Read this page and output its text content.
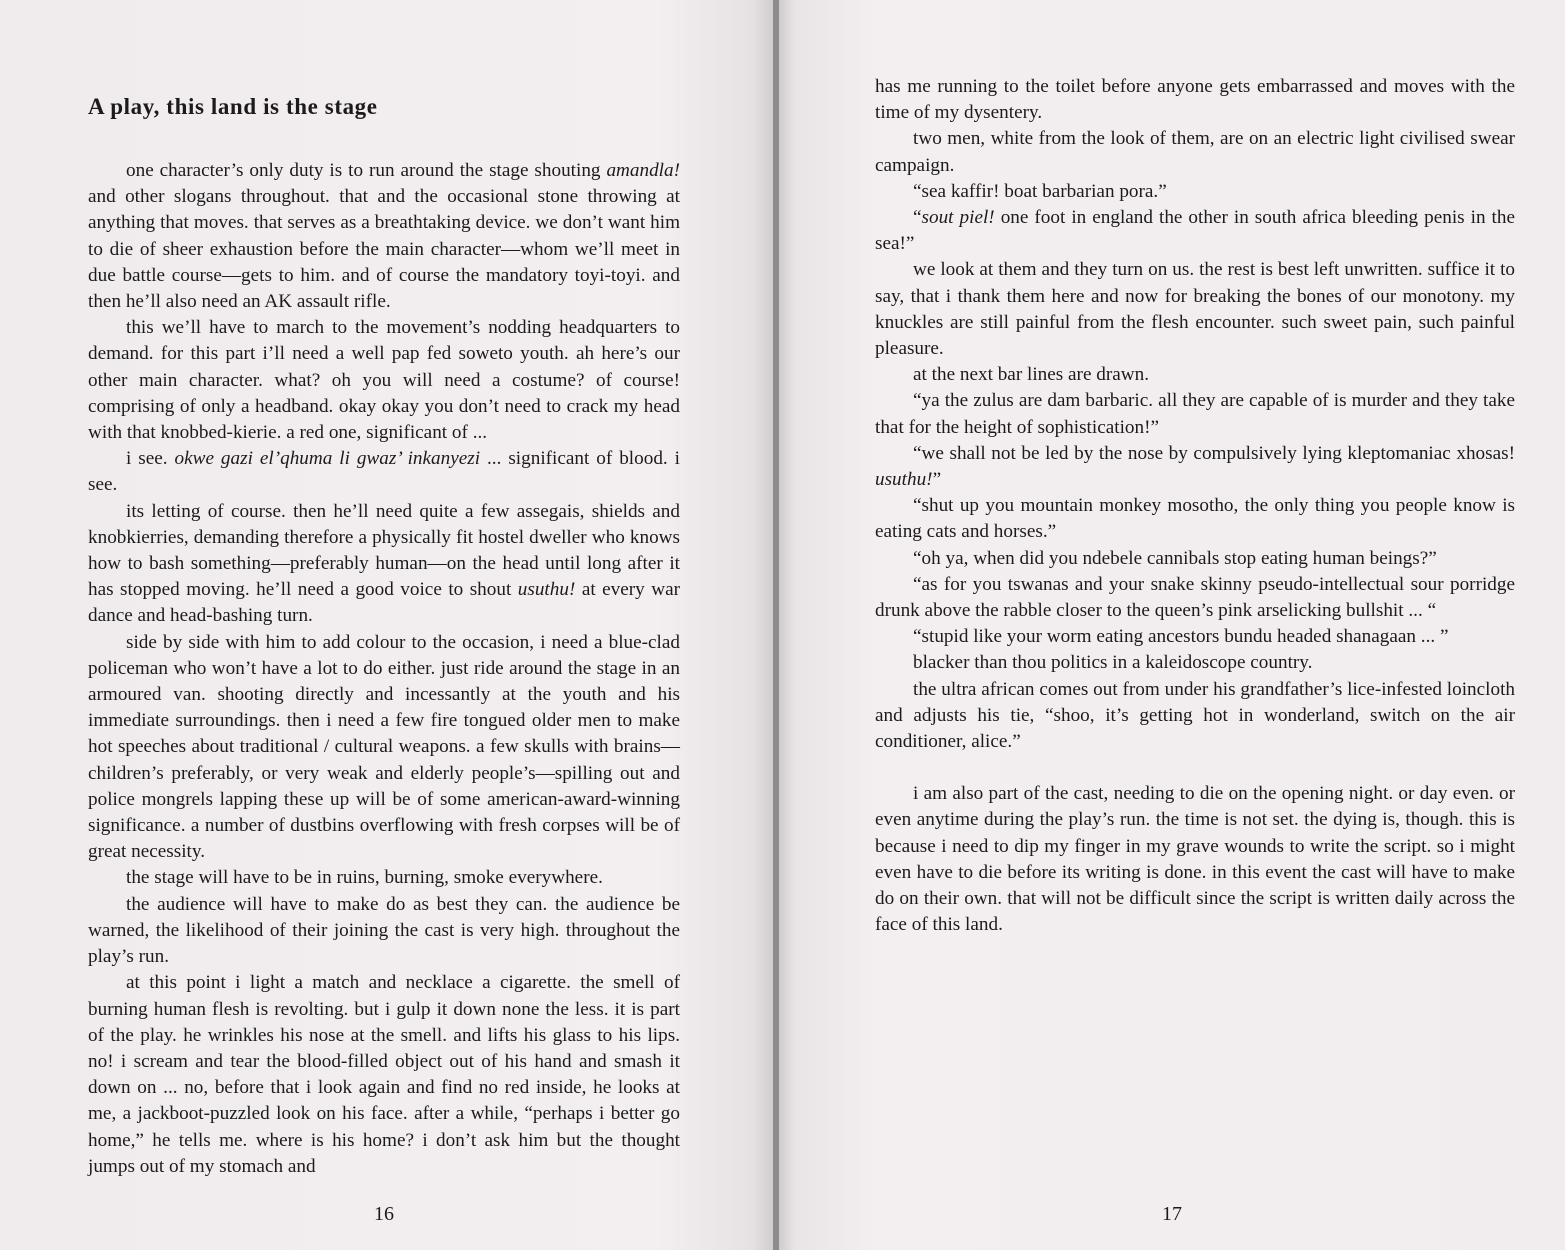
A play, this land is the stage

one character’s only duty is to run around the stage shouting amandla! and other slogans throughout. that and the occasional stone throwing at anything that moves. that serves as a breathtaking device. we don’t want him to die of sheer exhaustion before the main character—whom we’ll meet in due battle course—gets to him. and of course the mandatory toyi-toyi. and then he’ll also need an AK assault rifle.

this we’ll have to march to the movement’s nodding headquarters to demand. for this part i’ll need a well pap fed soweto youth. ah here’s our other main character. what? oh you will need a costume? of course! comprising of only a headband. okay okay you don’t need to crack my head with that knobbed-kierie. a red one, significant of ...

i see. okwe gazi el’qhuma li gwaz’ inkanyezi ... significant of blood. i see.

its letting of course. then he’ll need quite a few assegais, shields and knobkierries, demanding therefore a physically fit hostel dweller who knows how to bash something—preferably human—on the head until long after it has stopped moving. he’ll need a good voice to shout usuthu! at every war dance and head-bashing turn.

side by side with him to add colour to the occasion, i need a blue-clad policeman who won’t have a lot to do either. just ride around the stage in an armoured van. shooting directly and incessantly at the youth and his immediate surroundings. then i need a few fire tongued older men to make hot speeches about traditional / cultural weapons. a few skulls with brains—children’s preferably, or very weak and elderly people’s—spilling out and police mongrels lapping these up will be of some american-award-winning significance. a number of dustbins overflowing with fresh corpses will be of great necessity.

the stage will have to be in ruins, burning, smoke everywhere.

the audience will have to make do as best they can. the audience be warned, the likelihood of their joining the cast is very high. throughout the play’s run.

at this point i light a match and necklace a cigarette. the smell of burning human flesh is revolting. but i gulp it down none the less. it is part of the play. he wrinkles his nose at the smell. and lifts his glass to his lips. no! i scream and tear the blood-filled object out of his hand and smash it down on ... no, before that i look again and find no red inside, he looks at me, a jackboot-puzzled look on his face. after a while, “perhaps i better go home,” he tells me. where is his home? i don’t ask him but the thought jumps out of my stomach and

16

has me running to the toilet before anyone gets embarrassed and moves with the time of my dysentery.

two men, white from the look of them, are on an electric light civilised swear campaign.

“sea kaffir! boat barbarian pora.”

“sout piel! one foot in england the other in south africa bleeding penis in the sea!”

we look at them and they turn on us. the rest is best left unwritten. suffice it to say, that i thank them here and now for breaking the bones of our monotony. my knuckles are still painful from the flesh encounter. such sweet pain, such painful pleasure.

at the next bar lines are drawn.

“ya the zulus are dam barbaric. all they are capable of is murder and they take that for the height of sophistication!”

“we shall not be led by the nose by compulsively lying kleptomaniac xhosas! usuthu!”

“shut up you mountain monkey mosotho, the only thing you people know is eating cats and horses.”

“oh ya, when did you ndebele cannibals stop eating human beings?”

“as for you tswanas and your snake skinny pseudo-intellectual sour porridge drunk above the rabble closer to the queen’s pink arselicking bullshit ... “

“stupid like your worm eating ancestors bundu headed shanagaan ... ”

blacker than thou politics in a kaleidoscope country.

the ultra african comes out from under his grandfather’s lice-infested loincloth and adjusts his tie, “shoo, it’s getting hot in wonderland, switch on the air conditioner, alice.”

i am also part of the cast, needing to die on the opening night. or day even. or even anytime during the play’s run. the time is not set. the dying is, though. this is because i need to dip my finger in my grave wounds to write the script. so i might even have to die before its writing is done. in this event the cast will have to make do on their own. that will not be difficult since the script is written daily across the face of this land.

17
